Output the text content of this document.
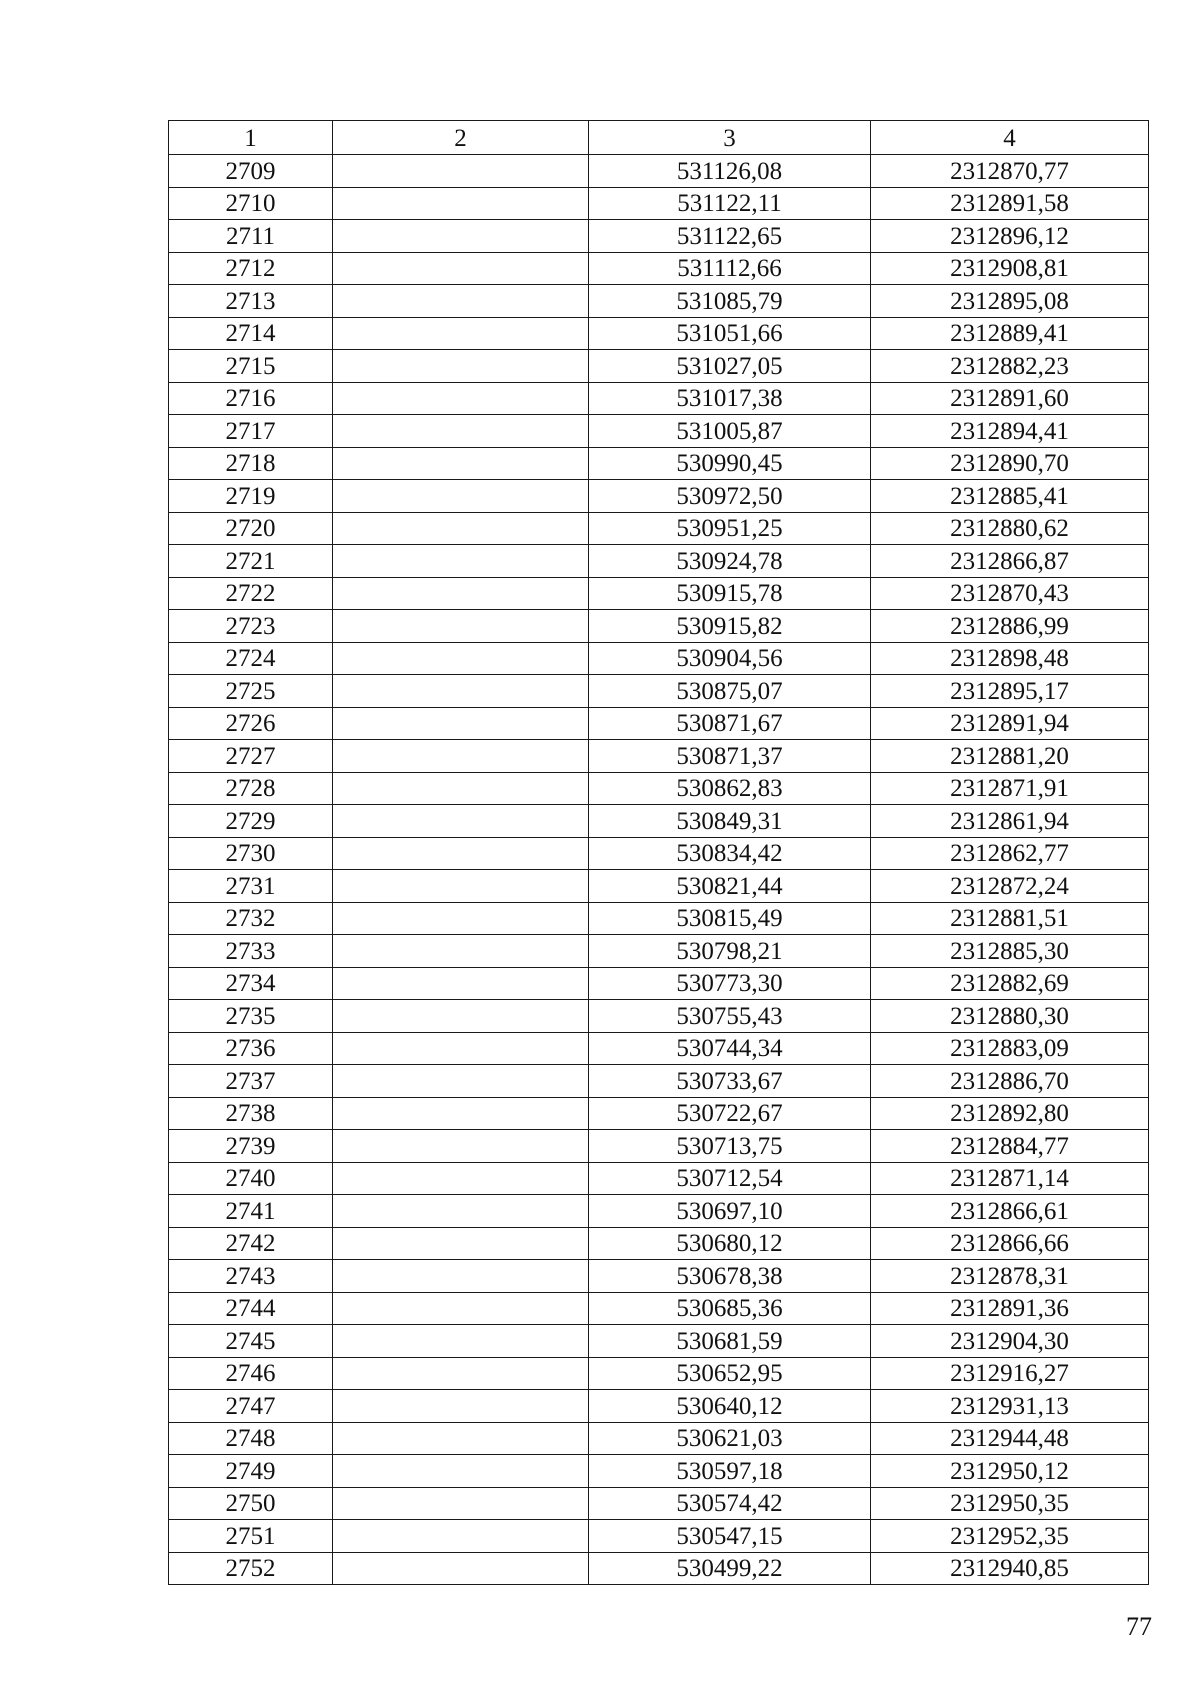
1	2	3	4
2709		531126,08	2312870,77
2710		531122,11	2312891,58
2711		531122,65	2312896,12
2712		531112,66	2312908,81
2713		531085,79	2312895,08
2714		531051,66	2312889,41
2715		531027,05	2312882,23
2716		531017,38	2312891,60
2717		531005,87	2312894,41
2718		530990,45	2312890,70
2719		530972,50	2312885,41
2720		530951,25	2312880,62
2721		530924,78	2312866,87
2722		530915,78	2312870,43
2723		530915,82	2312886,99
2724		530904,56	2312898,48
2725		530875,07	2312895,17
2726		530871,67	2312891,94
2727		530871,37	2312881,20
2728		530862,83	2312871,91
2729		530849,31	2312861,94
2730		530834,42	2312862,77
2731		530821,44	2312872,24
2732		530815,49	2312881,51
2733		530798,21	2312885,30
2734		530773,30	2312882,69
2735		530755,43	2312880,30
2736		530744,34	2312883,09
2737		530733,67	2312886,70
2738		530722,67	2312892,80
2739		530713,75	2312884,77
2740		530712,54	2312871,14
2741		530697,10	2312866,61
2742		530680,12	2312866,66
2743		530678,38	2312878,31
2744		530685,36	2312891,36
2745		530681,59	2312904,30
2746		530652,95	2312916,27
2747		530640,12	2312931,13
2748		530621,03	2312944,48
2749		530597,18	2312950,12
2750		530574,42	2312950,35
2751		530547,15	2312952,35
2752		530499,22	2312940,85
77
